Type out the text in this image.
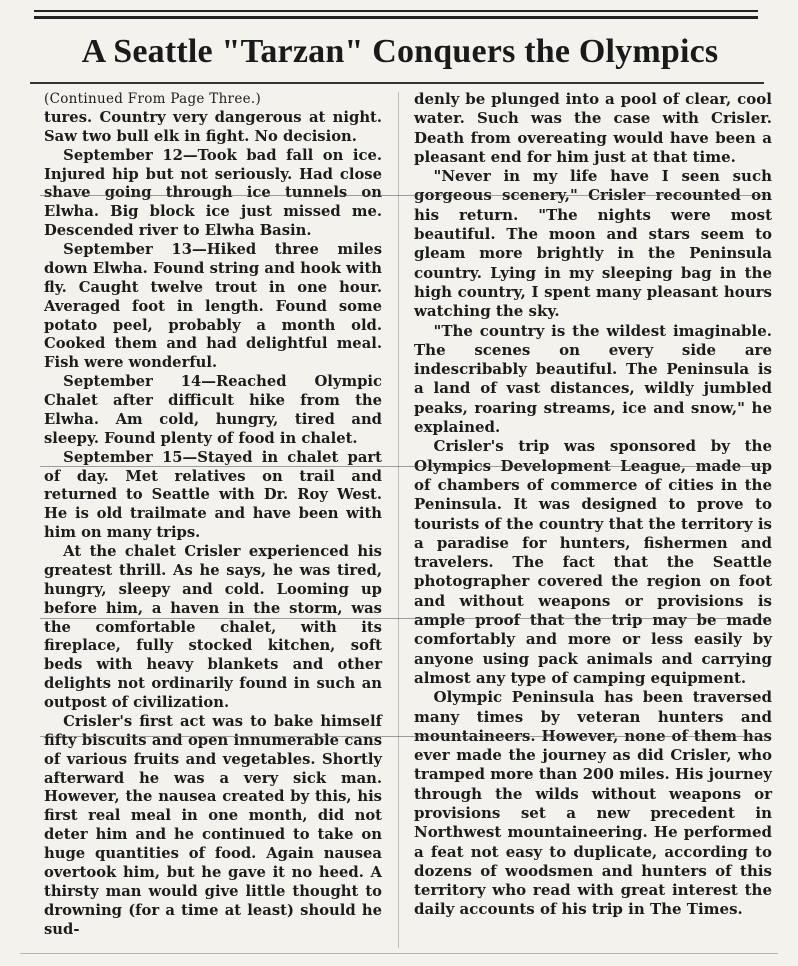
A Seattle "Tarzan" Conquers the Olympics

(Continued From Page Three.)

tures. Country very dangerous at night. Saw two bull elk in fight. No decision.

September 12—Took bad fall on ice. Injured hip but not seriously. Had close shave going through ice tunnels on Elwha. Big block ice just missed me. Descended river to Elwha Basin.

September 13—Hiked three miles down Elwha. Found string and hook with fly. Caught twelve trout in one hour. Averaged foot in length. Found some potato peel, probably a month old. Cooked them and had delightful meal. Fish were wonderful.

September 14—Reached Olympic Chalet after difficult hike from the Elwha. Am cold, hungry, tired and sleepy. Found plenty of food in chalet.

September 15—Stayed in chalet part of day. Met relatives on trail and returned to Seattle with Dr. Roy West. He is old trailmate and have been with him on many trips.

At the chalet Crisler experienced his greatest thrill. As he says, he was tired, hungry, sleepy and cold. Looming up before him, a haven in the storm, was the comfortable chalet, with its fireplace, fully stocked kitchen, soft beds with heavy blankets and other delights not ordinarily found in such an outpost of civilization.

Crisler's first act was to bake himself fifty biscuits and open innumerable cans of various fruits and vegetables. Shortly afterward he was a very sick man. However, the nausea created by this, his first real meal in one month, did not deter him and he continued to take on huge quantities of food. Again nausea overtook him, but he gave it no heed. A thirsty man would give little thought to drowning (for a time at least) should he sud-

denly be plunged into a pool of clear, cool water. Such was the case with Crisler. Death from overeating would have been a pleasant end for him just at that time.

"Never in my life have I seen such gorgeous scenery," Crisler recounted on his return. "The nights were most beautiful. The moon and stars seem to gleam more brightly in the Peninsula country. Lying in my sleeping bag in the high country, I spent many pleasant hours watching the sky.

"The country is the wildest imaginable. The scenes on every side are indescribably beautiful. The Peninsula is a land of vast distances, wildly jumbled peaks, roaring streams, ice and snow," he explained.

Crisler's trip was sponsored by the Olympics Development League, made up of chambers of commerce of cities in the Peninsula. It was designed to prove to tourists of the country that the territory is a paradise for hunters, fishermen and travelers. The fact that the Seattle photographer covered the region on foot and without weapons or provisions is ample proof that the trip may be made comfortably and more or less easily by anyone using pack animals and carrying almost any type of camping equipment.

Olympic Peninsula has been traversed many times by veteran hunters and mountaineers. However, none of them has ever made the journey as did Crisler, who tramped more than 200 miles. His journey through the wilds without weapons or provisions set a new precedent in Northwest mountaineering. He performed a feat not easy to duplicate, according to dozens of woodsmen and hunters of this territory who read with great interest the daily accounts of his trip in The Times.
